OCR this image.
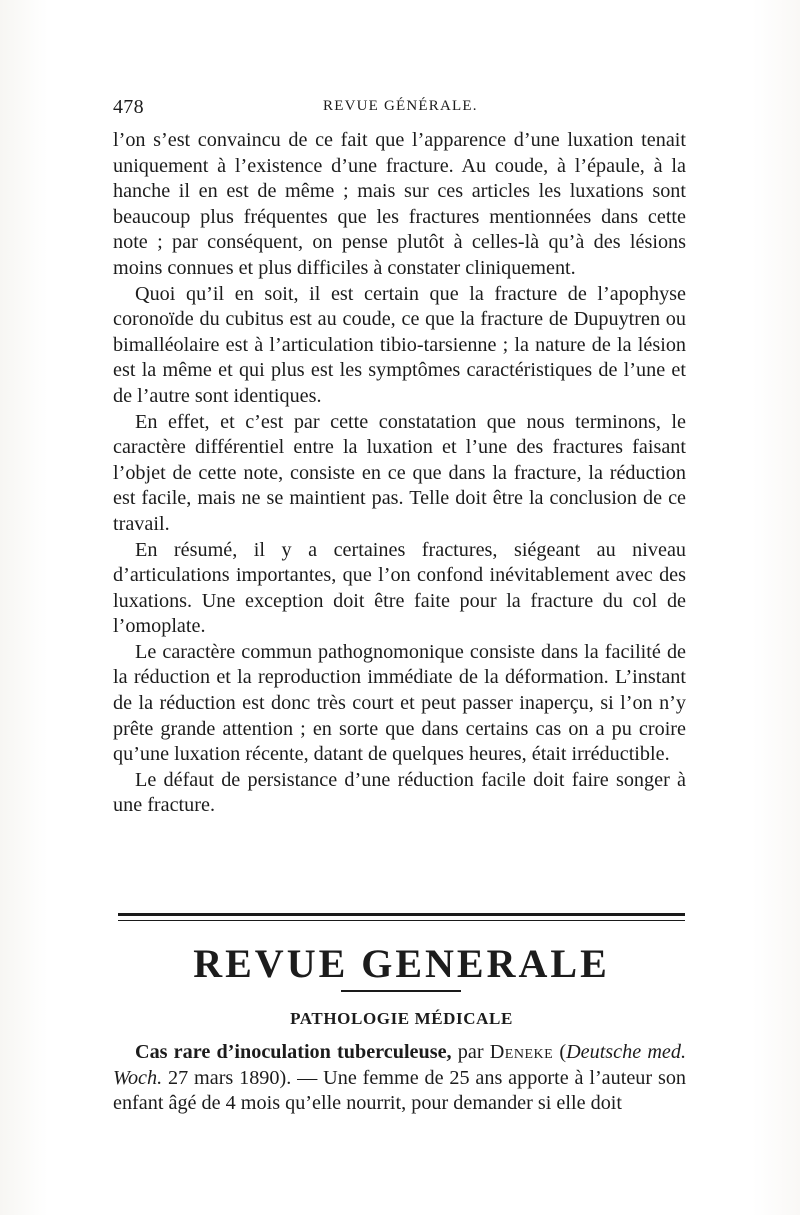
478	REVUE GÉNÉRALE.

l’on s’est convaincu de ce fait que l’apparence d’une luxation tenait uniquement à l’existence d’une fracture. Au coude, à l’épaule, à la hanche il en est de même ; mais sur ces articles les luxations sont beaucoup plus fréquentes que les fractures mentionnées dans cette note ; par conséquent, on pense plutôt à celles-là qu’à des lésions moins connues et plus difficiles à constater cliniquement.

Quoi qu’il en soit, il est certain que la fracture de l’apophyse coronoïde du cubitus est au coude, ce que la fracture de Dupuytren ou bimalléolaire est à l’articulation tibio-tarsienne ; la nature de la lésion est la même et qui plus est les symptômes caractéristiques de l’une et de l’autre sont identiques.

En effet, et c’est par cette constatation que nous terminons, le caractère différentiel entre la luxation et l’une des fractures faisant l’objet de cette note, consiste en ce que dans la fracture, la réduction est facile, mais ne se maintient pas. Telle doit être la conclusion de ce travail.

En résumé, il y a certaines fractures, siégeant au niveau d’articulations importantes, que l’on confond inévitablement avec des luxations. Une exception doit être faite pour la fracture du col de l’omoplate.

Le caractère commun pathognomonique consiste dans la facilité de la réduction et la reproduction immédiate de la déformation. L’instant de la réduction est donc très court et peut passer inaperçu, si l’on n’y prête grande attention ; en sorte que dans certains cas on a pu croire qu’une luxation récente, datant de quelques heures, était irréductible.

Le défaut de persistance d’une réduction facile doit faire songer à une fracture.

REVUE GENERALE
PATHOLOGIE MÉDICALE
Cas rare d’inoculation tuberculeuse, par Deneke (Deutsche med. Woch. 27 mars 1890). — Une femme de 25 ans apporte à l’auteur son enfant âgé de 4 mois qu’elle nourrit, pour demander si elle doit
